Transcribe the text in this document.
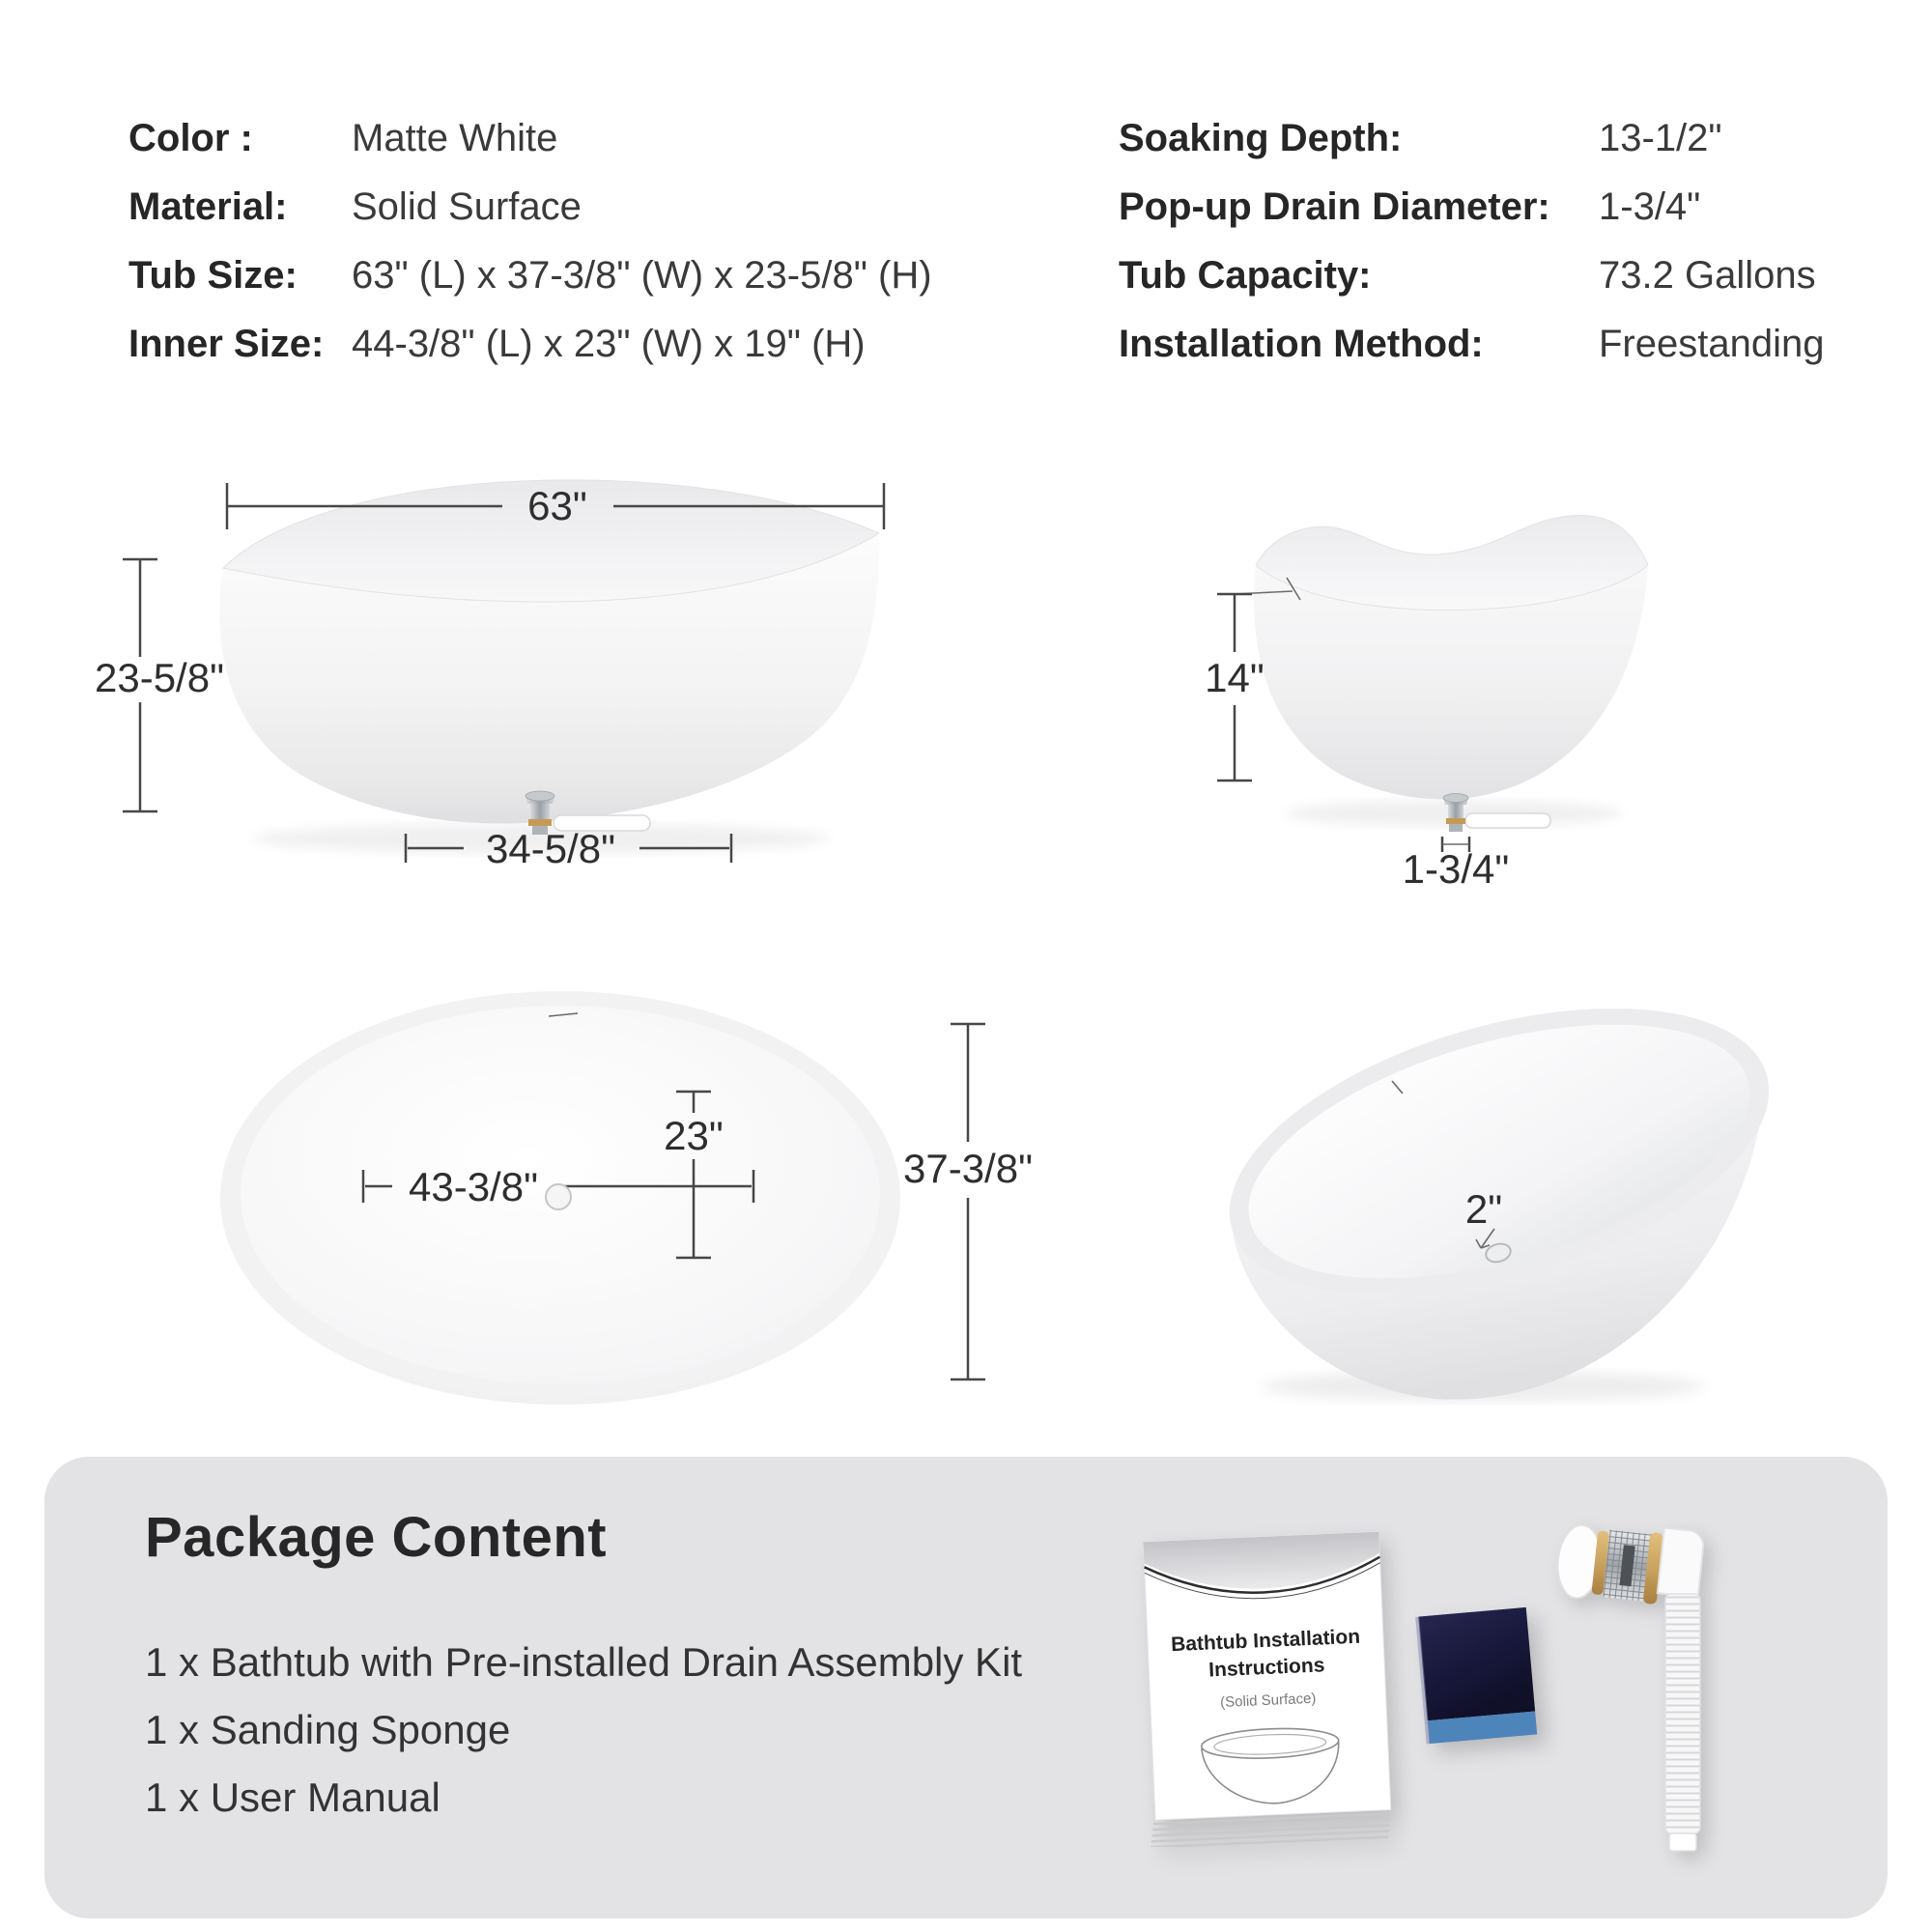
Color :	Matte White
Material:	Solid Surface
Tub Size:	63" (L) x 37-3/8" (W) x 23-5/8" (H)
Inner Size: 44-3/8" (L) x 23" (W) x 19" (H)
Soaking Depth:	13-1/2"
Pop-up Drain Diameter:	1-3/4"
Tub Capacity:	73.2 Gallons
Installation Method:	Freestanding
63"
23-5/8"
34-5/8"
14"
1-3/4"
43-3/8"
23"
37-3/8"
2"
Package Content
1 x Bathtub with Pre-installed Drain Assembly Kit
1 x Sanding Sponge
1 x User Manual
Bathtub Installation
Instructions
(Solid Surface)
